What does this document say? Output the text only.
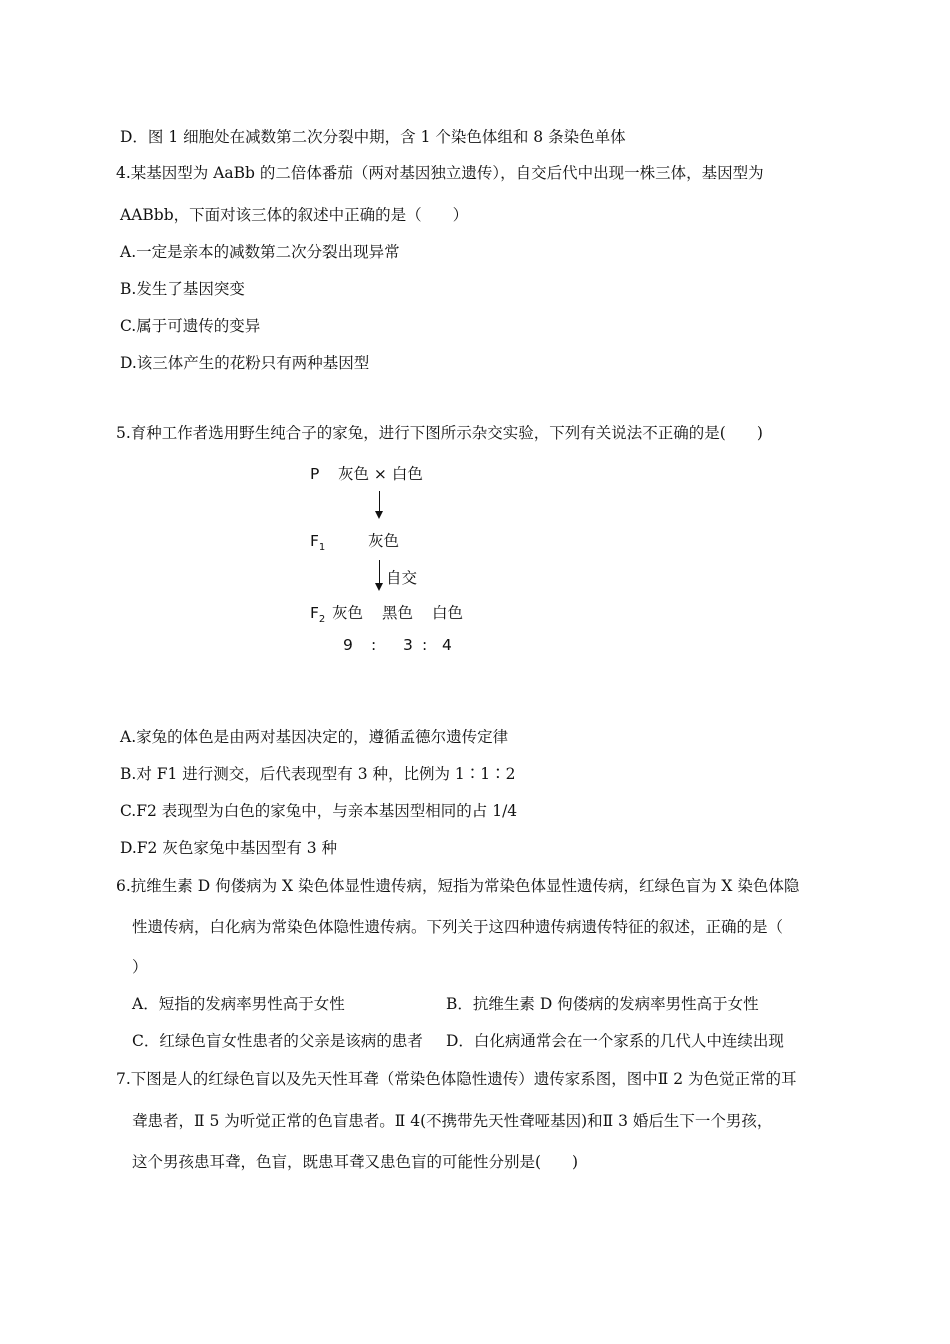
D．图 1 细胞处在减数第二次分裂中期，含 1 个染色体组和 8 条染色单体
4.某基因型为 AaBb 的二倍体番茄（两对基因独立遗传），自交后代中出现一株三体，基因型为
AABbb，下面对该三体的叙述中正确的是（　　）
A.一定是亲本的减数第二次分裂出现异常
B.发生了基因突变
C.属于可遗传的变异
D.该三体产生的花粉只有两种基因型
5.育种工作者选用野生纯合子的家兔，进行下图所示杂交实验，下列有关说法不正确的是(　　)
P 灰色 × 白色
$F_1$	灰色
自交
$F_2$ 灰色 黑色 白色
9 : 3 : 4
A.家兔的体色是由两对基因决定的，遵循孟德尔遗传定律
B.对 F1 进行测交，后代表现型有 3 种，比例为 1∶1∶2
C.F2 表现型为白色的家兔中，与亲本基因型相同的占 1/4
D.F2 灰色家兔中基因型有 3 种
6.抗维生素 D 佝偻病为 X 染色体显性遗传病，短指为常染色体显性遗传病，红绿色盲为 X 染色体隐
性遗传病，白化病为常染色体隐性遗传病。下列关于这四种遗传病遗传特征的叙述，正确的是（
）
A．短指的发病率男性高于女性	B．抗维生素 D 佝偻病的发病率男性高于女性
C．红绿色盲女性患者的父亲是该病的患者 D．白化病通常会在一个家系的几代人中连续出现
7.下图是人的红绿色盲以及先天性耳聋（常染色体隐性遗传）遗传家系图，图中Ⅱ 2 为色觉正常的耳
聋患者，Ⅱ 5 为听觉正常的色盲患者。Ⅱ 4(不携带先天性聋哑基因)和Ⅱ 3 婚后生下一个男孩，
这个男孩患耳聋，色盲，既患耳聋又患色盲的可能性分别是(　　)
